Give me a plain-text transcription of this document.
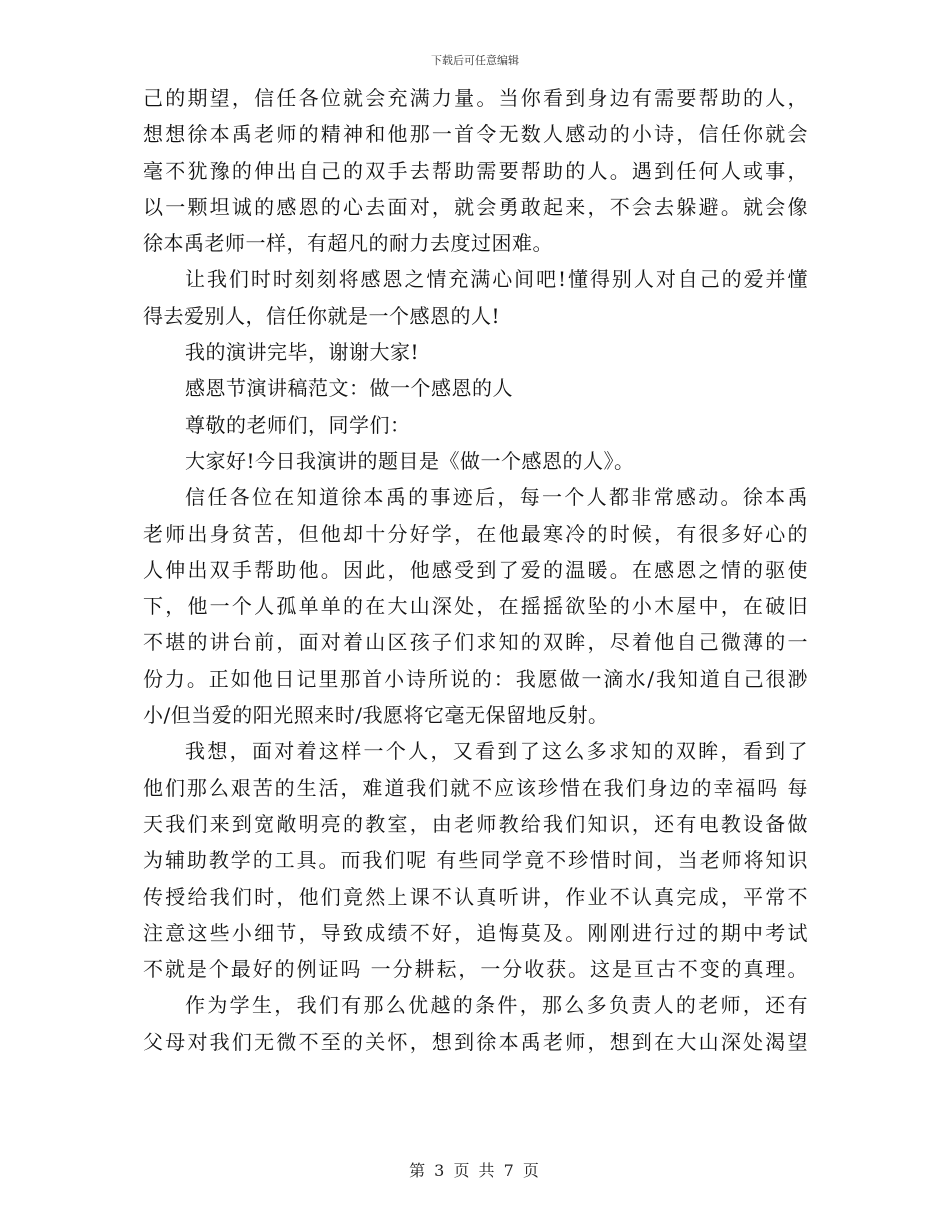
下载后可任意编辑
己的期望，信任各位就会充满力量。当你看到身边有需要帮助的人，
想想徐本禹老师的精神和他那一首令无数人感动的小诗，信任你就会
毫不犹豫的伸出自己的双手去帮助需要帮助的人。遇到任何人或事，
以一颗坦诚的感恩的心去面对，就会勇敢起来，不会去躲避。就会像
徐本禹老师一样，有超凡的耐力去度过困难。
让我们时时刻刻将感恩之情充满心间吧!懂得别人对自己的爱并懂
得去爱别人，信任你就是一个感恩的人!
我的演讲完毕，谢谢大家!
感恩节演讲稿范文：做一个感恩的人
尊敬的老师们，同学们：
大家好!今日我演讲的题目是《做一个感恩的人》。
信任各位在知道徐本禹的事迹后，每一个人都非常感动。徐本禹
老师出身贫苦，但他却十分好学，在他最寒冷的时候，有很多好心的
人伸出双手帮助他。因此，他感受到了爱的温暖。在感恩之情的驱使
下，他一个人孤单单的在大山深处，在摇摇欲坠的小木屋中，在破旧
不堪的讲台前，面对着山区孩子们求知的双眸，尽着他自己微薄的一
份力。正如他日记里那首小诗所说的：我愿做一滴水/我知道自己很渺
小/但当爱的阳光照来时/我愿将它毫无保留地反射。
我想，面对着这样一个人，又看到了这么多求知的双眸，看到了
他们那么艰苦的生活，难道我们就不应该珍惜在我们身边的幸福吗 每
天我们来到宽敞明亮的教室，由老师教给我们知识，还有电教设备做
为辅助教学的工具。而我们呢 有些同学竟不珍惜时间，当老师将知识
传授给我们时，他们竟然上课不认真听讲，作业不认真完成，平常不
注意这些小细节，导致成绩不好，追悔莫及。刚刚进行过的期中考试
不就是个最好的例证吗 一分耕耘，一分收获。这是亘古不变的真理。
作为学生，我们有那么优越的条件，那么多负责人的老师，还有
父母对我们无微不至的关怀，想到徐本禹老师，想到在大山深处渴望
第 3 页 共 7 页
